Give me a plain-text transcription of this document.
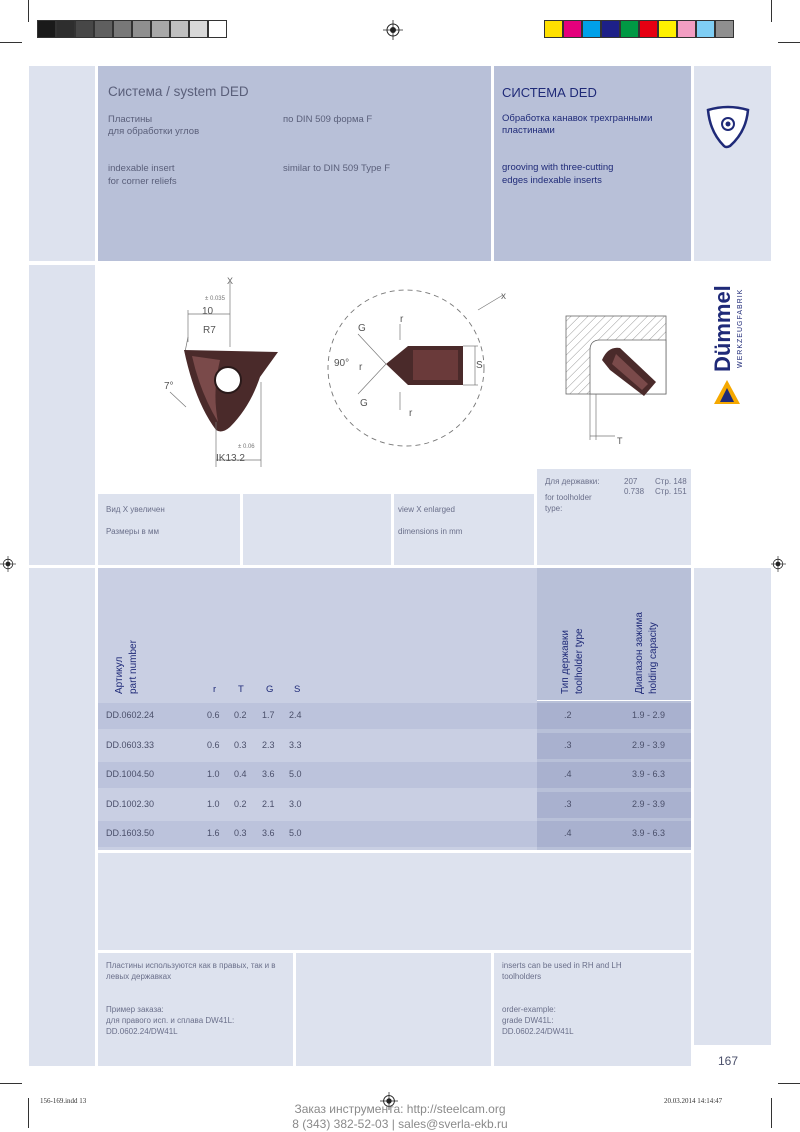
Система / system DED
Пластины
для обработки углов
по DIN 509 форма F
indexable insert
for corner reliefs
similar to DIN 509 Type F
СИСТЕМА DED
Обработка канавок трехгранными
пластинами
grooving with three-cutting
edges indexable inserts
X
± 0.035
10
R7
7°
± 0.06
IK13.2
x
G
r
90° r	S
G
r
T
Dümmel WERKZEUGFABRIK
Вид X увеличен
Размеры в мм
view X enlarged
dimensions in mm
Для державки:
for toolholder
type:
207
0.738
Стр. 148
Стр. 151
Артикул part number	r T G S	Тип державки toolholder type	Диапазон зажима holding capacity
DD.0602.24	0.6 0.2 1.7 2.4	.2	1.9 - 2.9
DD.0603.33	0.6 0.3 2.3 3.3	.3	2.9 - 3.9
DD.1004.50	1.0 0.4 3.6 5.0	.4	3.9 - 6.3
DD.1002.30	1.0 0.2 2.1 3.0	.3	2.9 - 3.9
DD.1603.50	1.6 0.3 3.6 5.0	.4	3.9 - 6.3
Пластины используются как в правых, так и в
левых державках
Пример заказа:
для правого исп. и сплава DW41L:
DD.0602.24/DW41L
inserts can be used in RH and LH
toolholders
order-example:
grade DW41L:
DD.0602.24/DW41L
167
156-169.indd 13	20.03.2014 14:14:47
Заказ инструмента: http://steelcam.org
8 (343) 382-52-03 | sales@sverla-ekb.ru
